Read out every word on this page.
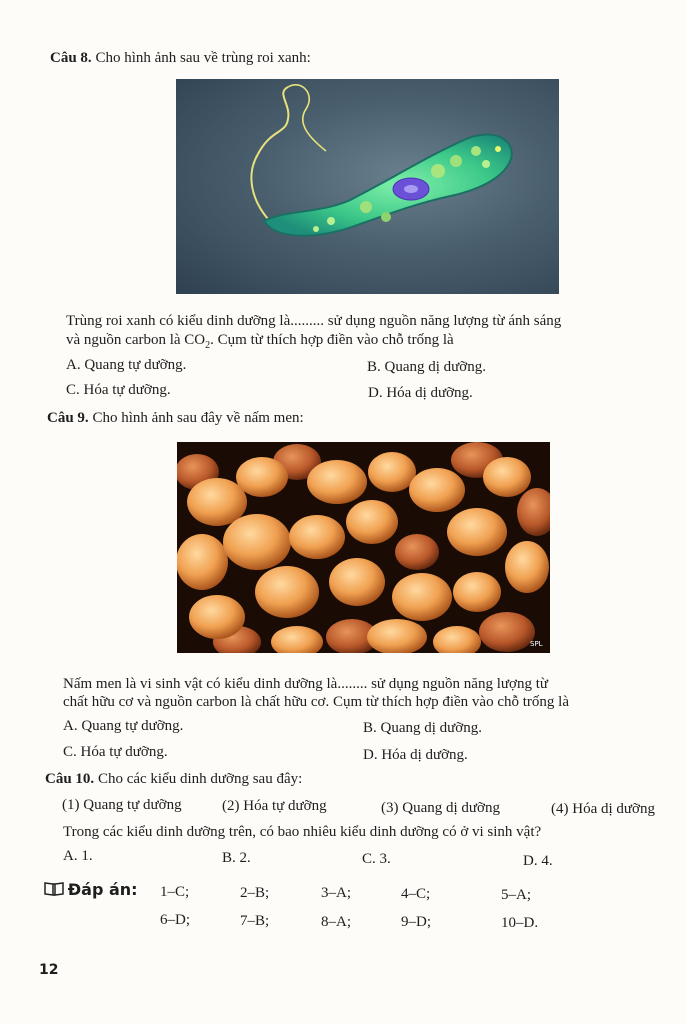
Câu 8. Cho hình ảnh sau về trùng roi xanh:
Trùng roi xanh có kiểu dinh dưỡng là......... sử dụng nguồn năng lượng từ ánh sáng
và nguồn carbon là $CO_2$. Cụm từ thích hợp điền vào chỗ trống là
A. Quang tự dưỡng.	B. Quang dị dưỡng.
C. Hóa tự dưỡng.	D. Hóa dị dưỡng.
Câu 9. Cho hình ảnh sau đây về nấm men:
SPL
Nấm men là vi sinh vật có kiểu dinh dưỡng là........ sử dụng nguồn năng lượng từ
chất hữu cơ và nguồn carbon là chất hữu cơ. Cụm từ thích hợp điền vào chỗ trống là
A. Quang tự dưỡng.	B. Quang dị dưỡng.
C. Hóa tự dưỡng.	D. Hóa dị dưỡng.
Câu 10. Cho các kiểu dinh dưỡng sau đây:
(1) Quang tự dưỡng	(2) Hóa tự dưỡng	(3) Quang dị dưỡng	(4) Hóa dị dưỡng
Trong các kiểu dinh dưỡng trên, có bao nhiêu kiểu dinh dưỡng có ở vi sinh vật?
A. 1.	B. 2.	C. 3.	D. 4.
Đáp án: 1–C;	2–B;	3–A;	4–C;	5–A;
6–D;	7–B;	8–A;	9–D;	10–D.
12
